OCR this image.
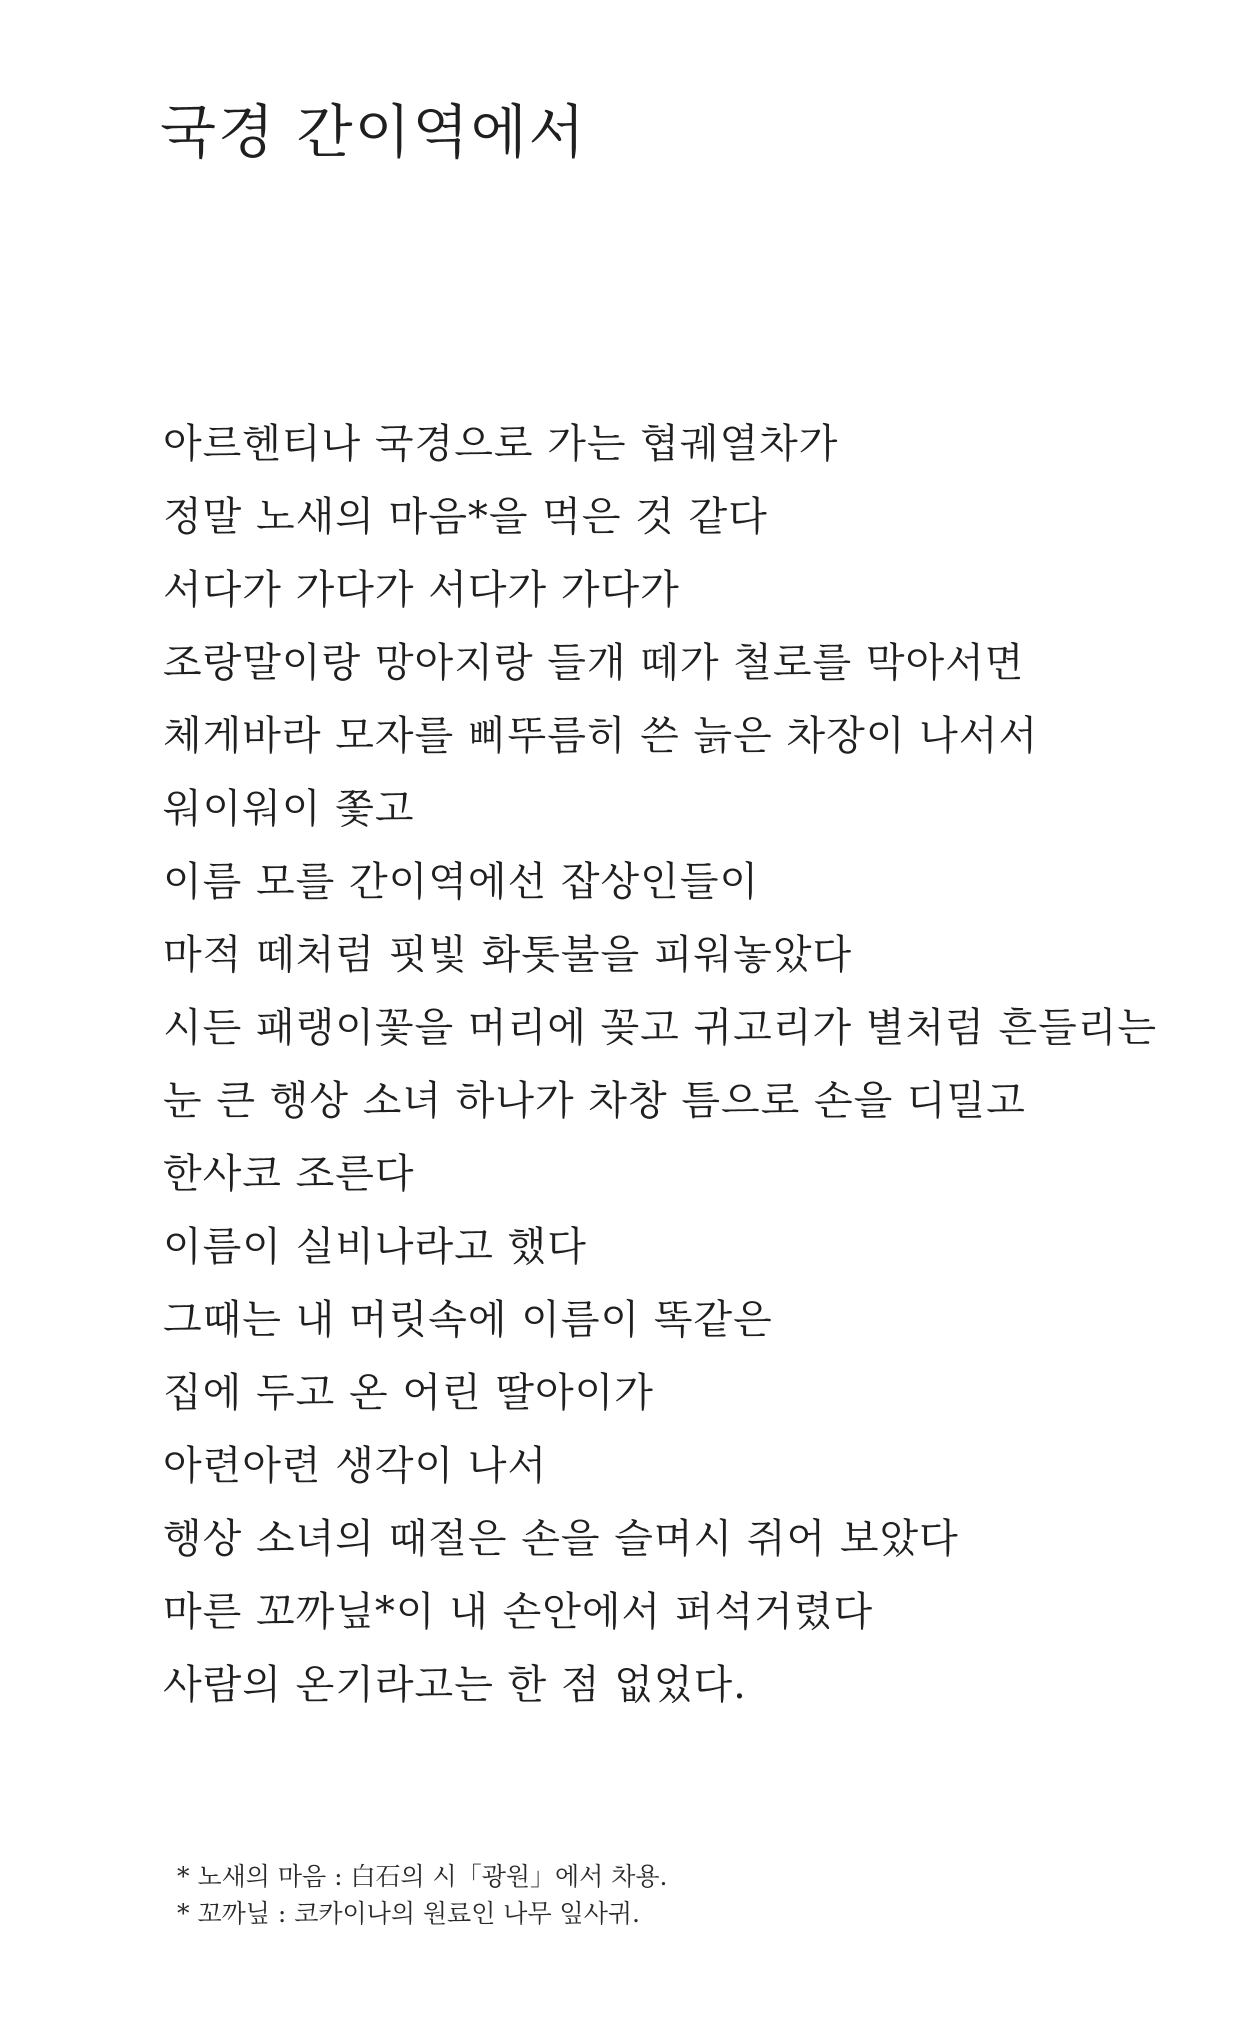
국경 간이역에서
아르헨티나 국경으로 가는 협궤열차가
정말 노새의 마음*을 먹은 것 같다
서다가 가다가 서다가 가다가
조랑말이랑 망아지랑 들개 떼가 철로를 막아서면
체게바라 모자를 삐뚜름히 쓴 늙은 차장이 나서서
워이워이 쫓고
이름 모를 간이역에선 잡상인들이
마적 떼처럼 핏빛 화톳불을 피워놓았다
시든 패랭이꽃을 머리에 꽂고 귀고리가 별처럼 흔들리는
눈 큰 행상 소녀 하나가 차창 틈으로 손을 디밀고
한사코 조른다
이름이 실비나라고 했다
그때는 내 머릿속에 이름이 똑같은
집에 두고 온 어린 딸아이가
아련아련 생각이 나서
행상 소녀의 때절은 손을 슬며시 쥐어 보았다
마른 꼬까닢*이 내 손안에서 퍼석거렸다
사람의 온기라고는 한 점 없었다.
* 노새의 마음 : 白石의 시「광원」에서 차용.
* 꼬까닢 : 코카이나의 원료인 나무 잎사귀.
